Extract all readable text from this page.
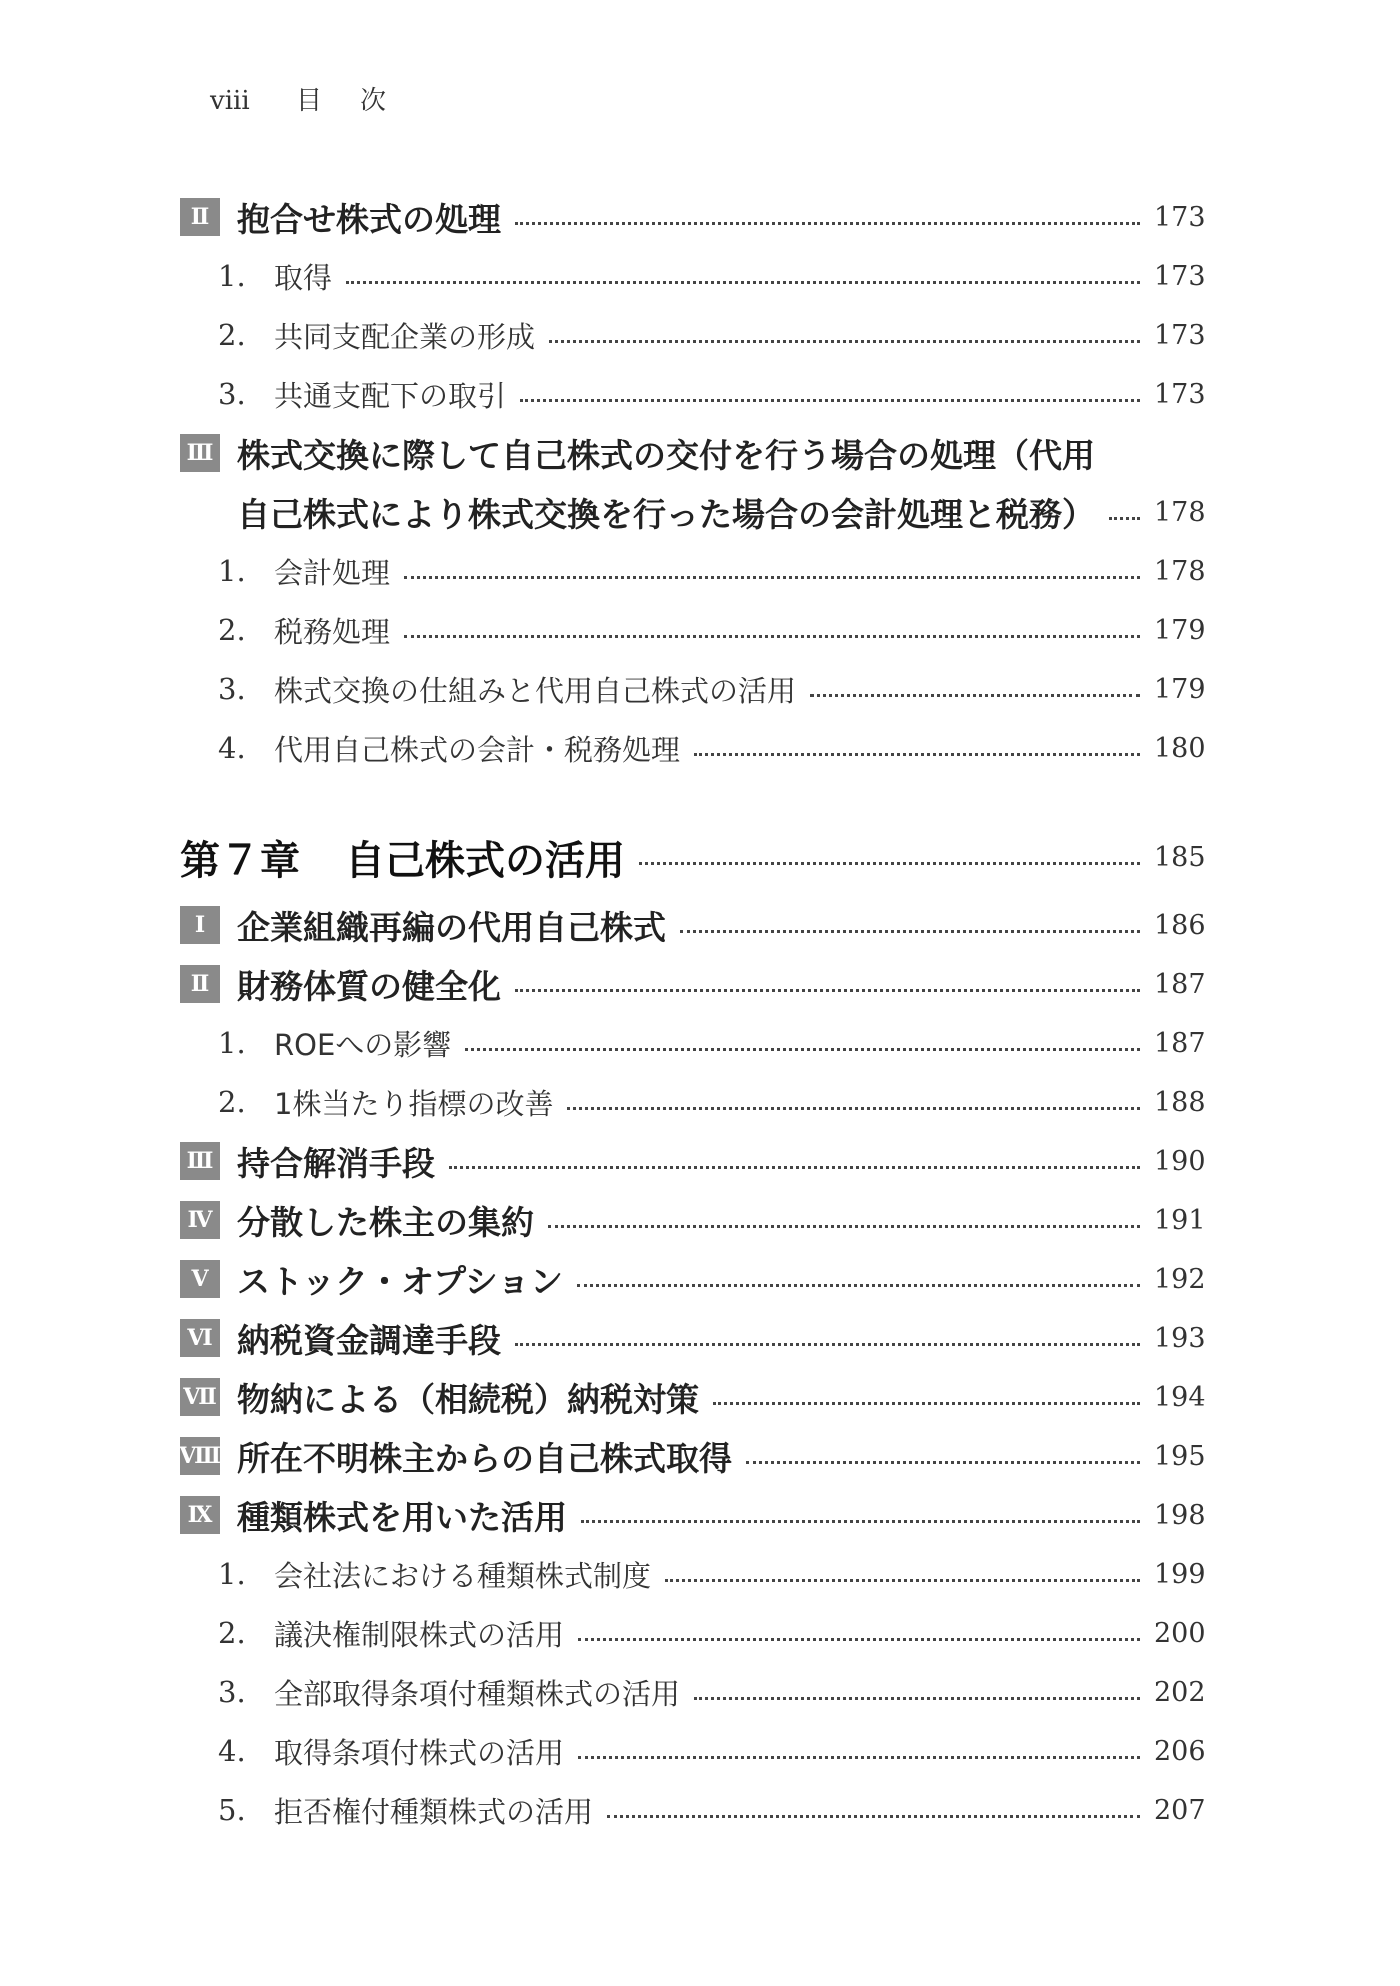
viii	目次
Ⅱ 抱合せ株式の処理	173
1. 取得	173
2. 共同支配企業の形成	173
3. 共通支配下の取引	173
Ⅲ 株式交換に際して自己株式の交付を行う場合の処理（代用
自己株式により株式交換を行った場合の会計処理と税務） 178
1. 会計処理	178
2. 税務処理	179
3. 株式交換の仕組みと代用自己株式の活用	179
4. 代用自己株式の会計・税務処理	180
第７章	自己株式の活用	185
Ⅰ 企業組織再編の代用自己株式	186
Ⅱ 財務体質の健全化	187
1. ROEへの影響	187
2. 1株当たり指標の改善	188
Ⅲ 持合解消手段	190
Ⅳ 分散した株主の集約	191
Ⅴ ストック・オプション	192
Ⅵ 納税資金調達手段	193
Ⅶ 物納による（相続税）納税対策	194
Ⅷ 所在不明株主からの自己株式取得	195
Ⅸ 種類株式を用いた活用	198
1. 会社法における種類株式制度	199
2. 議決権制限株式の活用	200
3. 全部取得条項付種類株式の活用	202
4. 取得条項付株式の活用	206
5. 拒否権付種類株式の活用	207
